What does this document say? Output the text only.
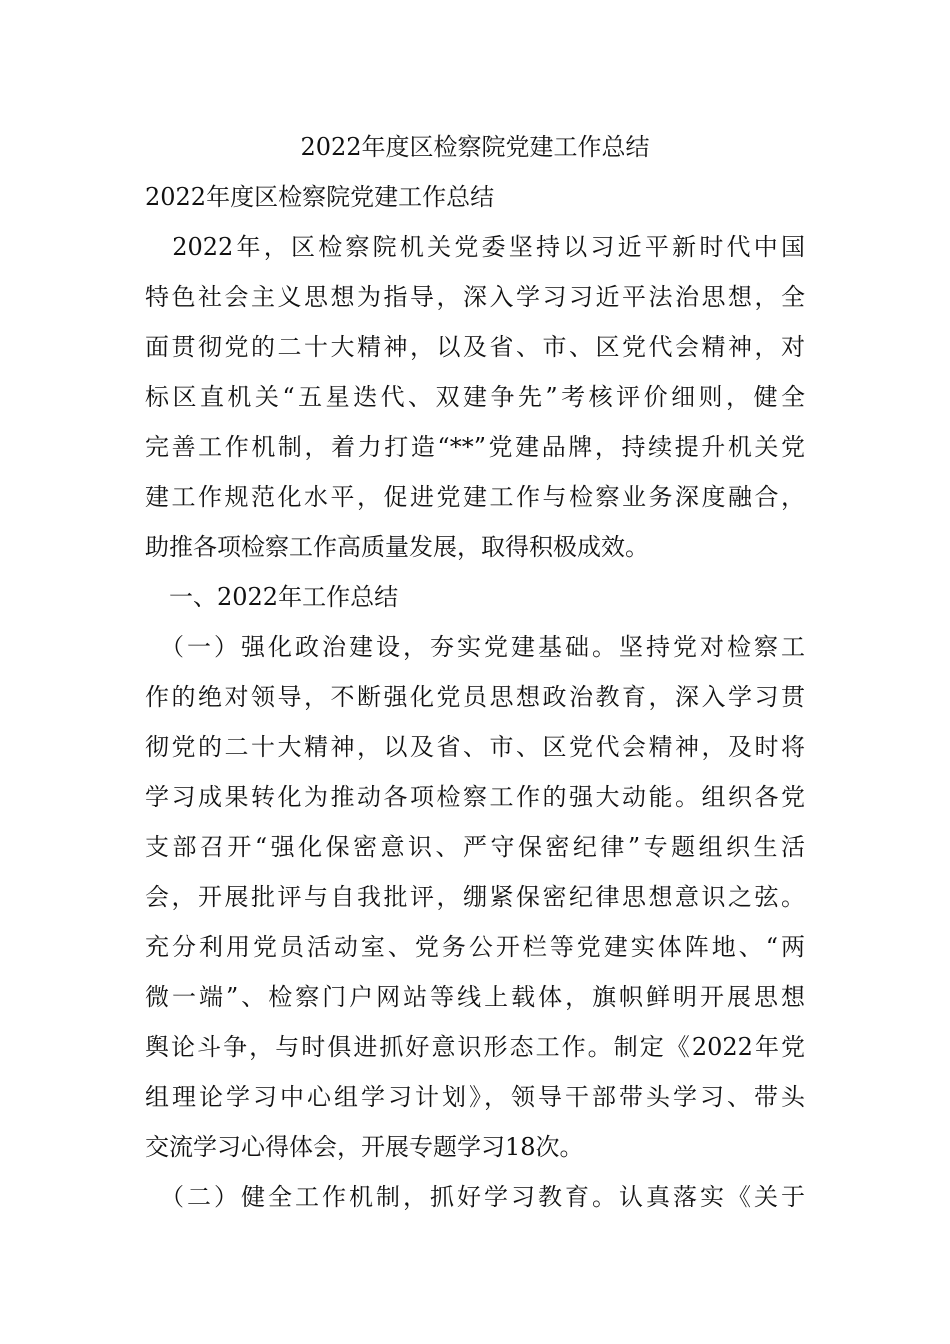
2022年度区检察院党建工作总结
2022年度区检察院党建工作总结
　2022年，区检察院机关党委坚持以习近平新时代中国
特色社会主义思想为指导，深入学习习近平法治思想，全
面贯彻党的二十大精神，以及省、市、区党代会精神，对
标区直机关“五星迭代、双建争先”考核评价细则，健全
完善工作机制，着力打造“**”党建品牌，持续提升机关党
建工作规范化水平，促进党建工作与检察业务深度融合，
助推各项检察工作高质量发展，取得积极成效。
　一、2022年工作总结
　（一）强化政治建设，夯实党建基础。坚持党对检察工
作的绝对领导，不断强化党员思想政治教育，深入学习贯
彻党的二十大精神，以及省、市、区党代会精神，及时将
学习成果转化为推动各项检察工作的强大动能。组织各党
支部召开“强化保密意识、严守保密纪律”专题组织生活
会，开展批评与自我批评，绷紧保密纪律思想意识之弦。
充分利用党员活动室、党务公开栏等党建实体阵地、“两
微一端”、检察门户网站等线上载体，旗帜鲜明开展思想
舆论斗争，与时俱进抓好意识形态工作。制定《2022年党
组理论学习中心组学习计划》，领导干部带头学习、带头
交流学习心得体会，开展专题学习18次。
　（二）健全工作机制，抓好学习教育。认真落实《关于
